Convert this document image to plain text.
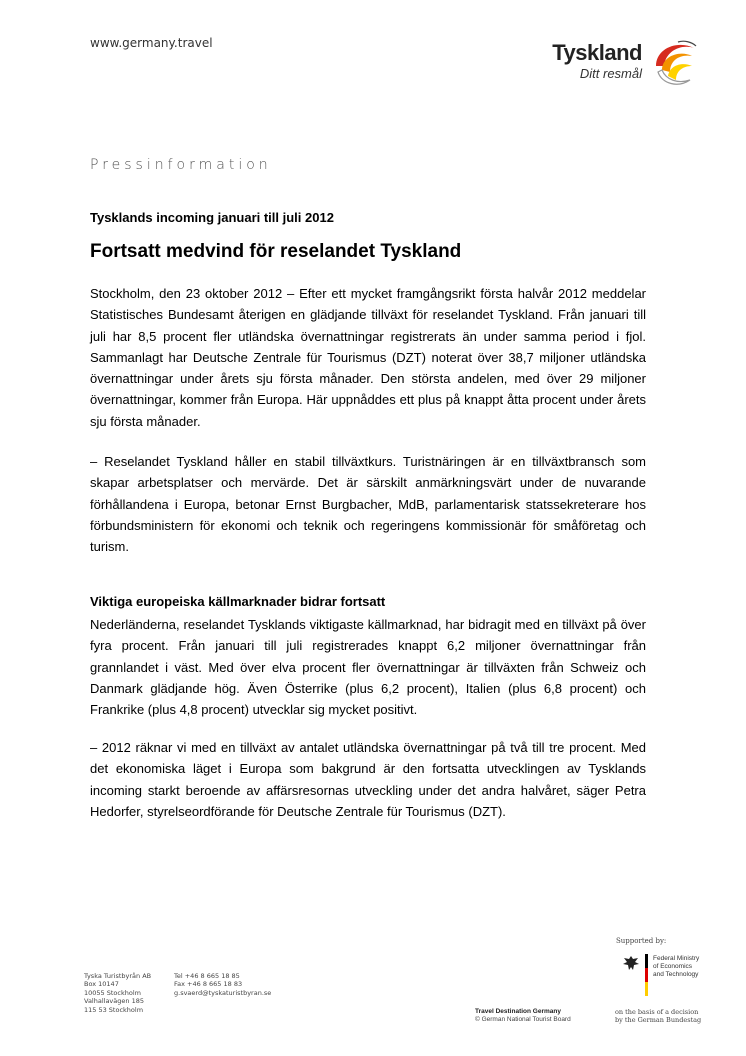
www.germany.travel	Tyskland
Ditt resmål
Pressinformation
Tysklands incoming januari till juli 2012
Fortsatt medvind för reselandet Tyskland
Stockholm, den 23 oktober 2012 – Efter ett mycket framgångsrikt första halvår 2012 meddelar Statistisches Bundesamt återigen en glädjande tillväxt för reselandet Tyskland. Från januari till juli har 8,5 procent fler utländska övernattningar registrerats än under samma period i fjol. Sammanlagt har Deutsche Zentrale für Tourismus (DZT) noterat över 38,7 miljoner utländska övernattningar under årets sju första månader. Den största andelen, med över 29 miljoner övernattningar, kommer från Europa. Här uppnåddes ett plus på knappt åtta procent under årets sju första månader.
– Reselandet Tyskland håller en stabil tillväxtkurs. Turistnäringen är en tillväxtbransch som skapar arbetsplatser och mervärde. Det är särskilt anmärkningsvärt under de nuvarande förhållandena i Europa, betonar Ernst Burgbacher, MdB, parlamentarisk statssekreterare hos förbundsministern för ekonomi och teknik och regeringens kommissionär för småföretag och turism.
Viktiga europeiska källmarknader bidrar fortsatt
Nederländerna, reselandet Tysklands viktigaste källmarknad, har bidragit med en tillväxt på över fyra procent. Från januari till juli registrerades knappt 6,2 miljoner övernattningar från grannlandet i väst. Med över elva procent fler övernattningar är tillväxten från Schweiz och Danmark glädjande hög. Även Österrike (plus 6,2 procent), Italien (plus 6,8 procent) och Frankrike (plus 4,8 procent) utvecklar sig mycket positivt.
– 2012 räknar vi med en tillväxt av antalet utländska övernattningar på två till tre procent. Med det ekonomiska läget i Europa som bakgrund är den fortsatta utvecklingen av Tysklands incoming starkt beroende av affärsresornas utveckling under det andra halvåret, säger Petra Hedorfer, styrelseordförande för Deutsche Zentrale für Tourismus (DZT).
Supported by:
Federal Ministry
of Economics
and Technology
Tyska Turistbyrån AB
Box 10147
10055 Stockholm
Valhallavägen 185
115 53 Stockholm
Tel +46 8 665 18 85
Fax +46 8 665 18 83
g.svaerd@tyskaturistbyran.se
Travel Destination Germany
© German National Tourist Board
on the basis of a decision
by the German Bundestag
